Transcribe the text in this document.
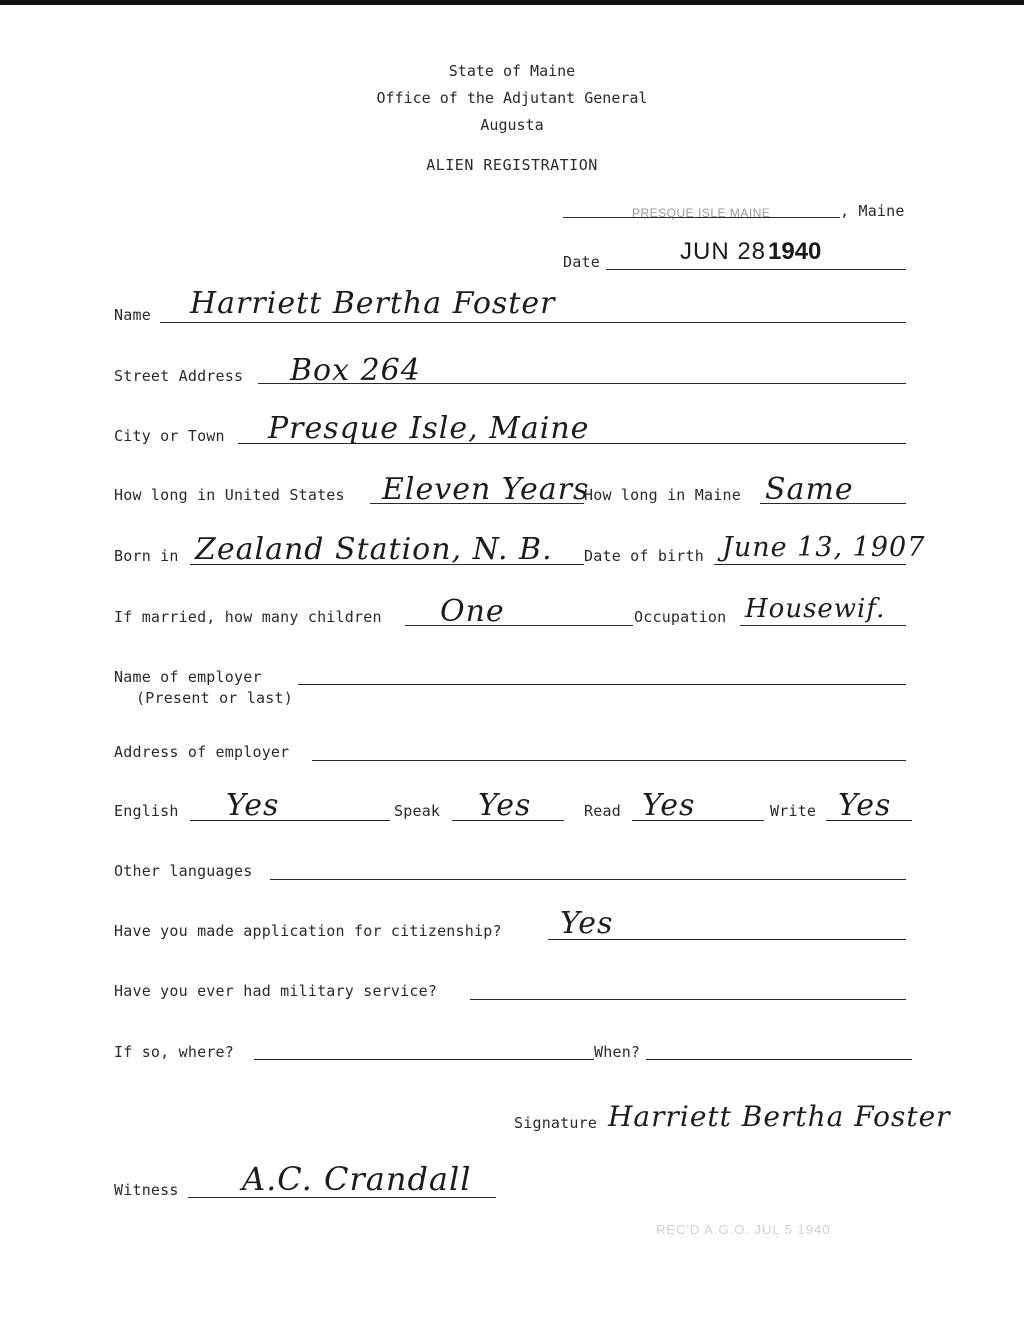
State of Maine
Office of the Adjutant General
Augusta
ALIEN REGISTRATION
PRESQUE ISLE MAINE	, Maine
Date	JUN 28 1940
Name Harriett Bertha Foster
Street Address Box 264
City or Town Presque Isle, Maine
How long in United States Eleven Years
How long in Maine Same
Born in Zealand Station, N. B. Date of birth June 13, 1907
If married, how many children One	Occupation Housewif.
Name of employer
(Present or last)
Address of employer
English Yes	Speak Yes	Read Yes	Write Yes
Other languages
Have you made application for citizenship? Yes
Have you ever had military service?
If so, where?	When?
Signature Harriett Bertha Foster
Witness A.C. Crandall
REC'D A.G.O. JUL 5 1940
